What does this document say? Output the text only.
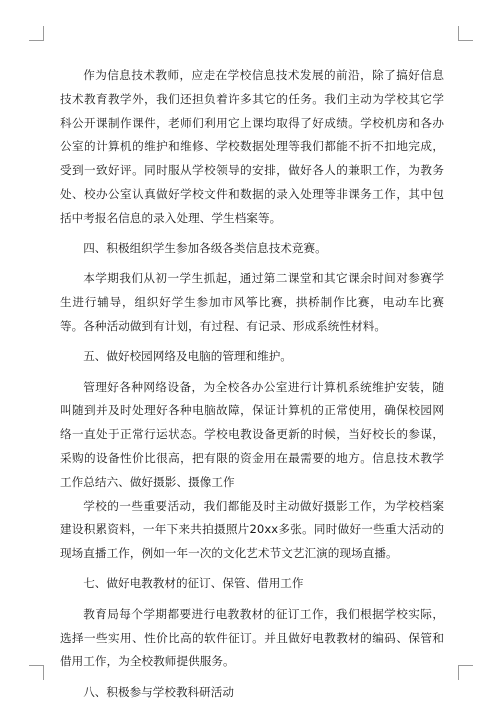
作为信息技术教师，应走在学校信息技术发展的前沿，除了搞好信息技术教育教学外，我们还担负着许多其它的任务。我们主动为学校其它学科公开课制作课件，老师们利用它上课均取得了好成绩。学校机房和各办公室的计算机的维护和维修、学校数据处理等我们都能不折不扣地完成，受到一致好评。同时服从学校领导的安排，做好各人的兼职工作，为教务处、校办公室认真做好学校文件和数据的录入处理等非课务工作，其中包括中考报名信息的录入处理、学生档案等。

四、积极组织学生参加各级各类信息技术竞赛。

本学期我们从初一学生抓起，通过第二课堂和其它课余时间对参赛学生进行辅导，组织好学生参加市风筝比赛，拱桥制作比赛，电动车比赛等。各种活动做到有计划，有过程、有记录、形成系统性材料。

五、做好校园网络及电脑的管理和维护。

管理好各种网络设备，为全校各办公室进行计算机系统维护安装，随叫随到并及时处理好各种电脑故障，保证计算机的正常使用，确保校园网络一直处于正常行运状态。学校电教设备更新的时候，当好校长的参谋，采购的设备性价比很高，把有限的资金用在最需要的地方。信息技术教学工作总结六、做好摄影、摄像工作

学校的一些重要活动，我们都能及时主动做好摄影工作，为学校档案建设积累资料，一年下来共拍摄照片20xx多张。同时做好一些重大活动的现场直播工作，例如一年一次的文化艺术节文艺汇演的现场直播。

七、做好电教教材的征订、保管、借用工作

教育局每个学期都要进行电教教材的征订工作，我们根据学校实际，选择一些实用、性价比高的软件征订。并且做好电教教材的编码、保管和借用工作，为全校教师提供服务。

八、积极参与学校教科研活动
